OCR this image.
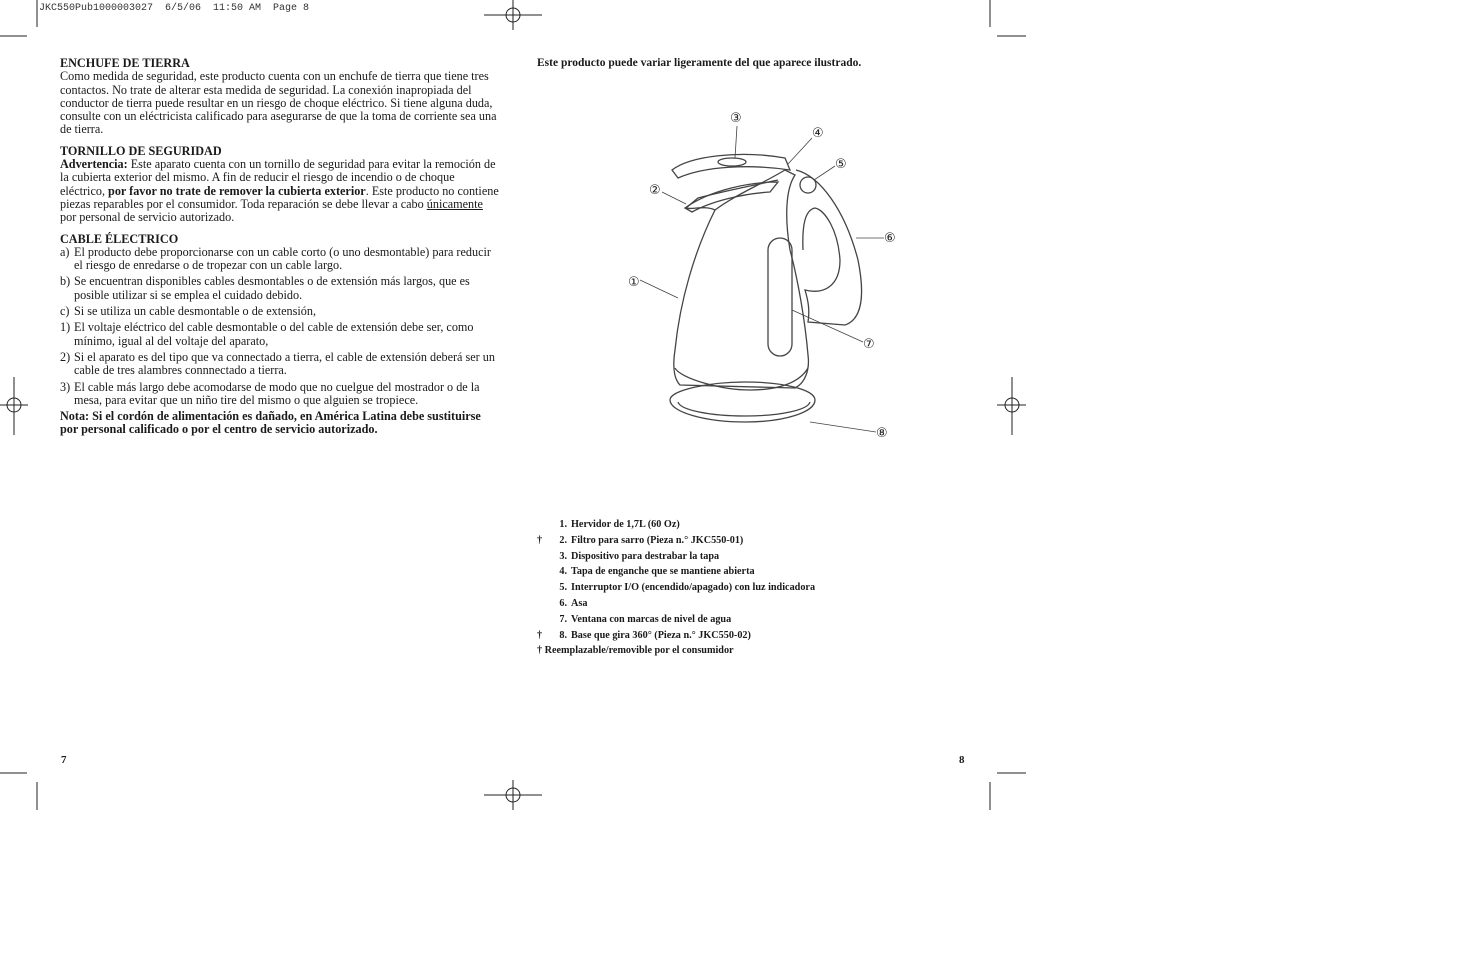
JKC550Pub1000003027  6/5/06  11:50 AM  Page 8
ENCHUFE DE TIERRA

Como medida de seguridad, este producto cuenta con un enchufe de tierra que tiene tres contactos. No trate de alterar esta medida de seguridad. La conexión inapropiada del conductor de tierra puede resultar en un riesgo de choque eléctrico. Si tiene alguna duda, consulte con un eléctricista calificado para asegurarse de que la toma de corriente sea una de tierra.

TORNILLO DE SEGURIDAD

Advertencia: Este aparato cuenta con un tornillo de seguridad para evitar la remoción de la cubierta exterior del mismo. A fin de reducir el riesgo de incendio o de choque eléctrico, por favor no trate de remover la cubierta exterior. Este producto no contiene piezas reparables por el consumidor. Toda reparación se debe llevar a cabo únicamente por personal de servicio autorizado.

CABLE ÉLECTRICO
a) El producto debe proporcionarse con un cable corto (o uno desmontable) para reducir el riesgo de enredarse o de tropezar con un cable largo.
b) Se encuentran disponibles cables desmontables o de extensión más largos, que es posible utilizar si se emplea el cuidado debido.
c) Si se utiliza un cable desmontable o de extensión,
1) El voltaje eléctrico del cable desmontable o del cable de extensión debe ser, como mínimo, igual al del voltaje del aparato,
2) Si el aparato es del tipo que va connectado a tierra, el cable de extensión deberá ser un cable de tres alambres connnectado a tierra.
3) El cable más largo debe acomodarse de modo que no cuelgue del mostrador o de la mesa, para evitar que un niño tire del mismo o que alguien se tropiece.

Nota: Si el cordón de alimentación es dañado, en América Latina debe sustituirse por personal calificado o por el centro de servicio autorizado.

Este producto puede variar ligeramente del que aparece ilustrado.
①
②
③
④
⑤
⑥
⑦
⑧
1. Hervidor de 1,7L (60 Oz)
†	2. Filtro para sarro (Pieza n.° JKC550-01)
3. Dispositivo para destrabar la tapa
4. Tapa de enganche que se mantiene abierta
5. Interruptor I/O (encendido/apagado) con luz indicadora
6. Asa
7. Ventana con marcas de nivel de agua
†	8. Base que gira 360° (Pieza n.° JKC550-02)
† Reemplazable/removible por el consumidor
7	8
